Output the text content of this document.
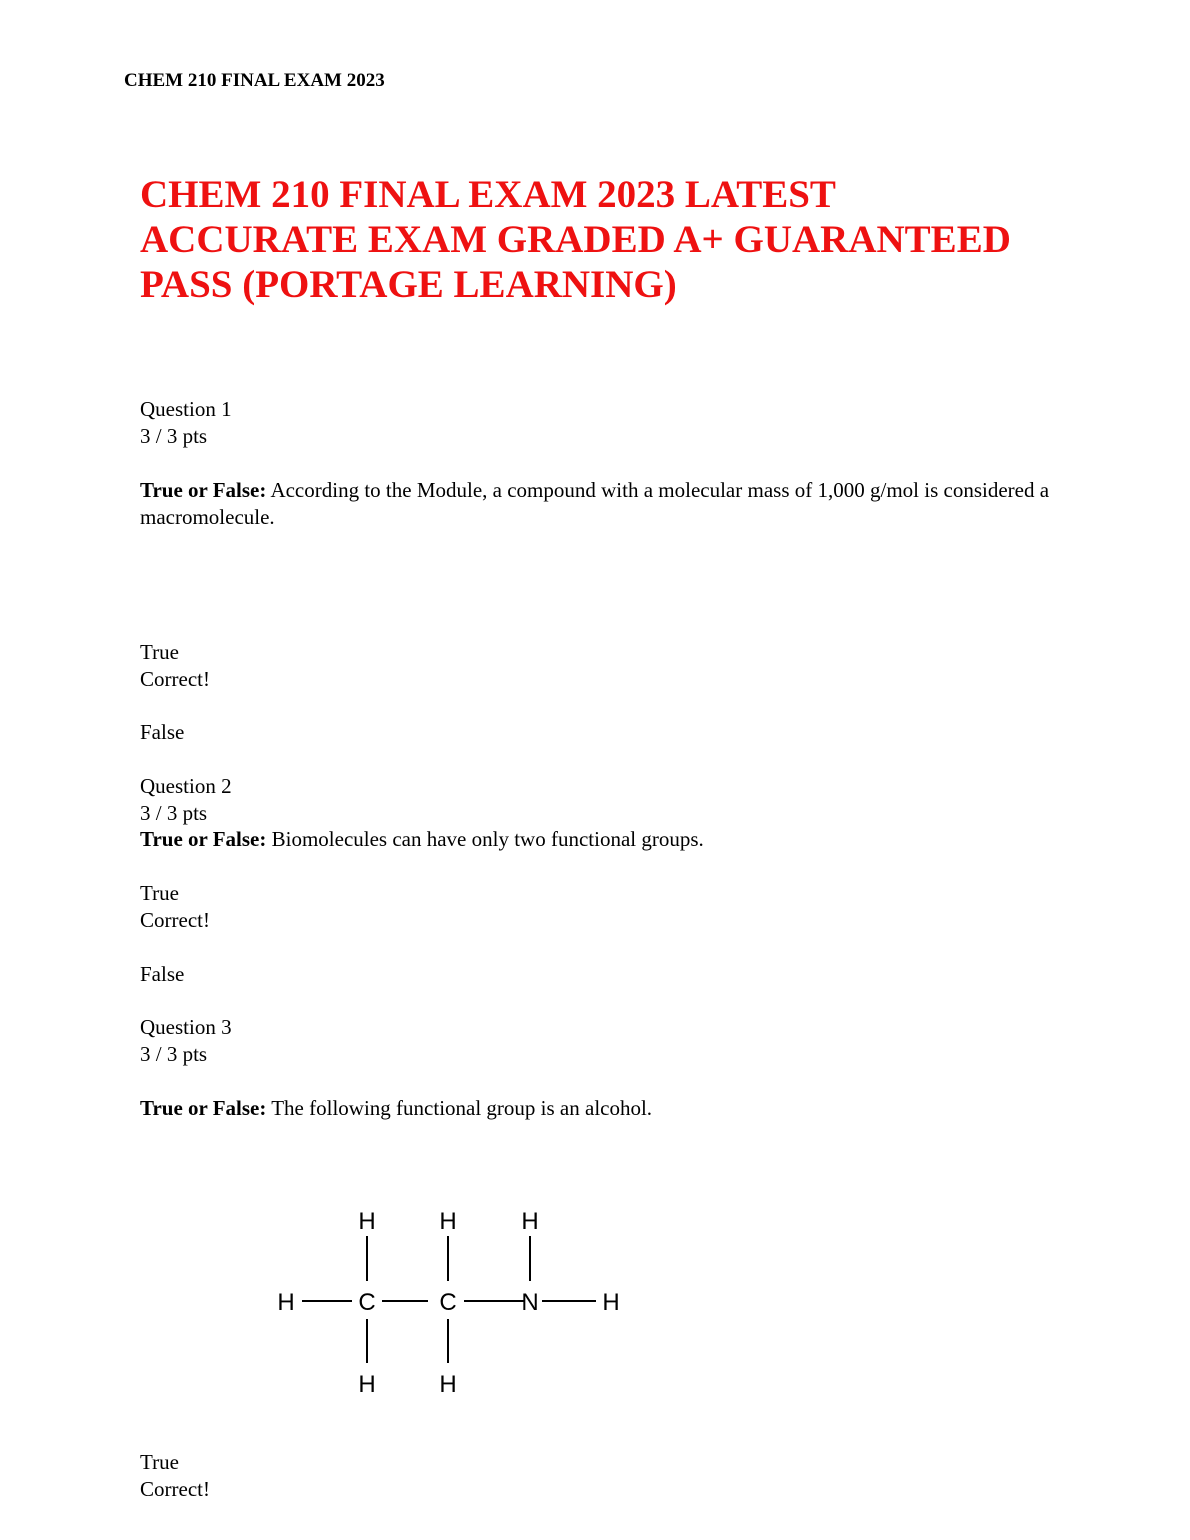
CHEM 210 FINAL EXAM 2023
CHEM 210 FINAL EXAM 2023 LATEST
ACCURATE EXAM GRADED A+ GUARANTEED
PASS (PORTAGE LEARNING)
Question 1
3 / 3 pts
True or False: According to the Module, a compound with a molecular mass of 1,000 g/mol is considered a macromolecule.
True
Correct!
False
Question 2
3 / 3 pts
True or False: Biomolecules can have only two functional groups.
True
Correct!
False
Question 3
3 / 3 pts
True or False: The following functional group is an alcohol.
H	H	H
H	C	C	N	H
H	H
True
Correct!
